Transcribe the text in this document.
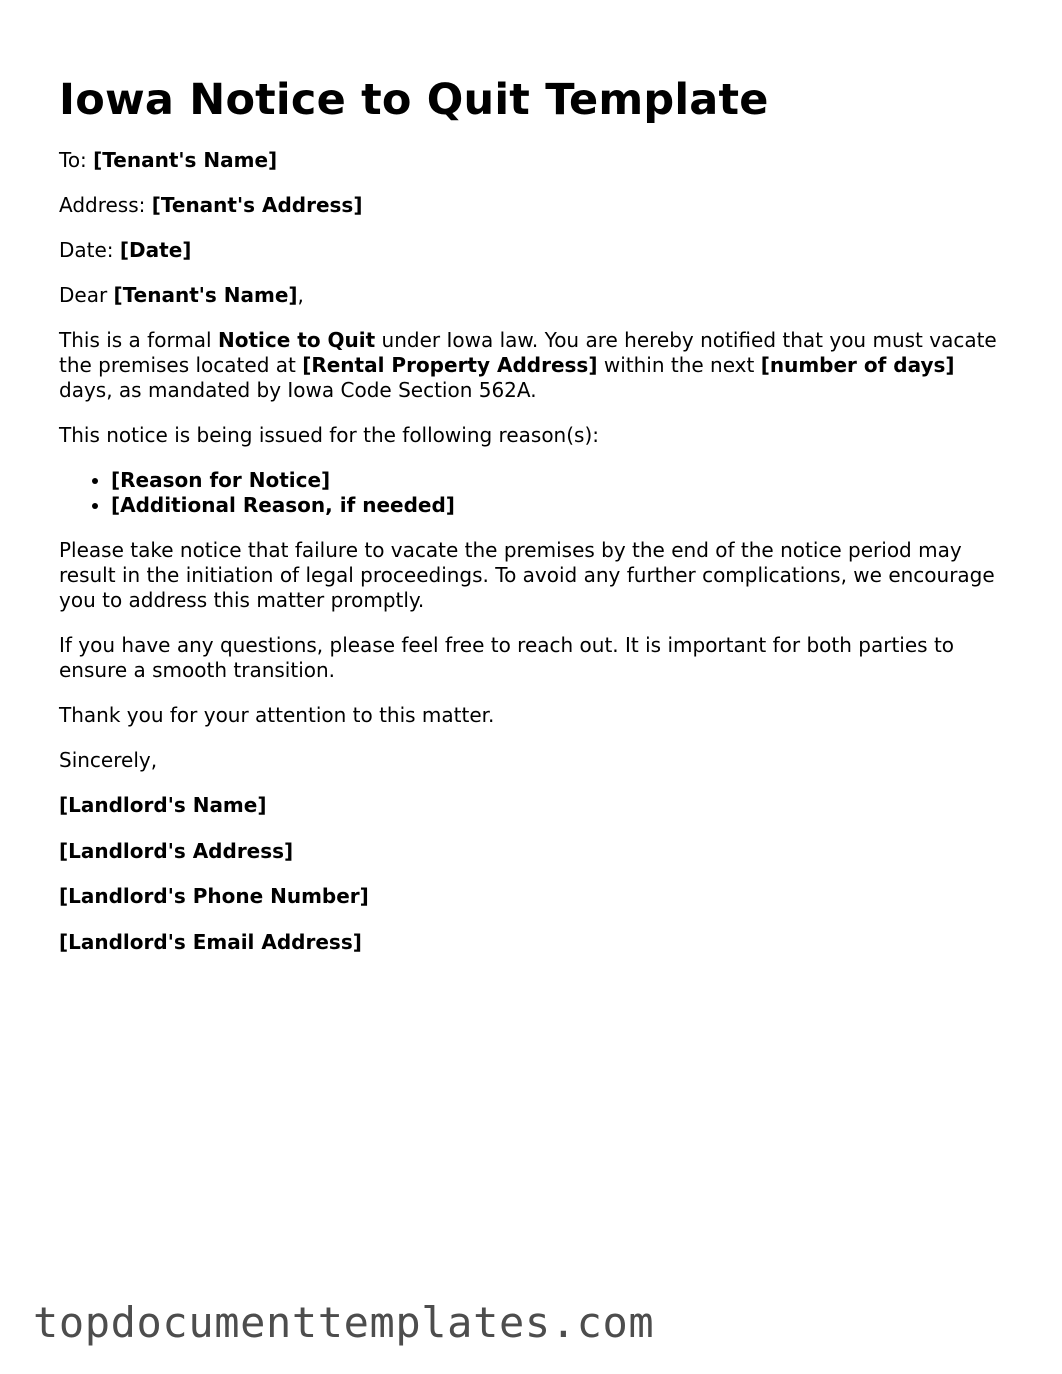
Iowa Notice to Quit Template

To: [Tenant's Name]

Address: [Tenant's Address]

Date: [Date]

Dear [Tenant's Name],

This is a formal Notice to Quit under Iowa law. You are hereby notified that you must vacate the premises located at [Rental Property Address] within the next [number of days] days, as mandated by Iowa Code Section 562A.

This notice is being issued for the following reason(s):

• [Reason for Notice]
• [Additional Reason, if needed]

Please take notice that failure to vacate the premises by the end of the notice period may result in the initiation of legal proceedings. To avoid any further complications, we encourage you to address this matter promptly.

If you have any questions, please feel free to reach out. It is important for both parties to ensure a smooth transition.

Thank you for your attention to this matter.

Sincerely,

[Landlord's Name]

[Landlord's Address]

[Landlord's Phone Number]

[Landlord's Email Address]

topdocumenttemplates.com
